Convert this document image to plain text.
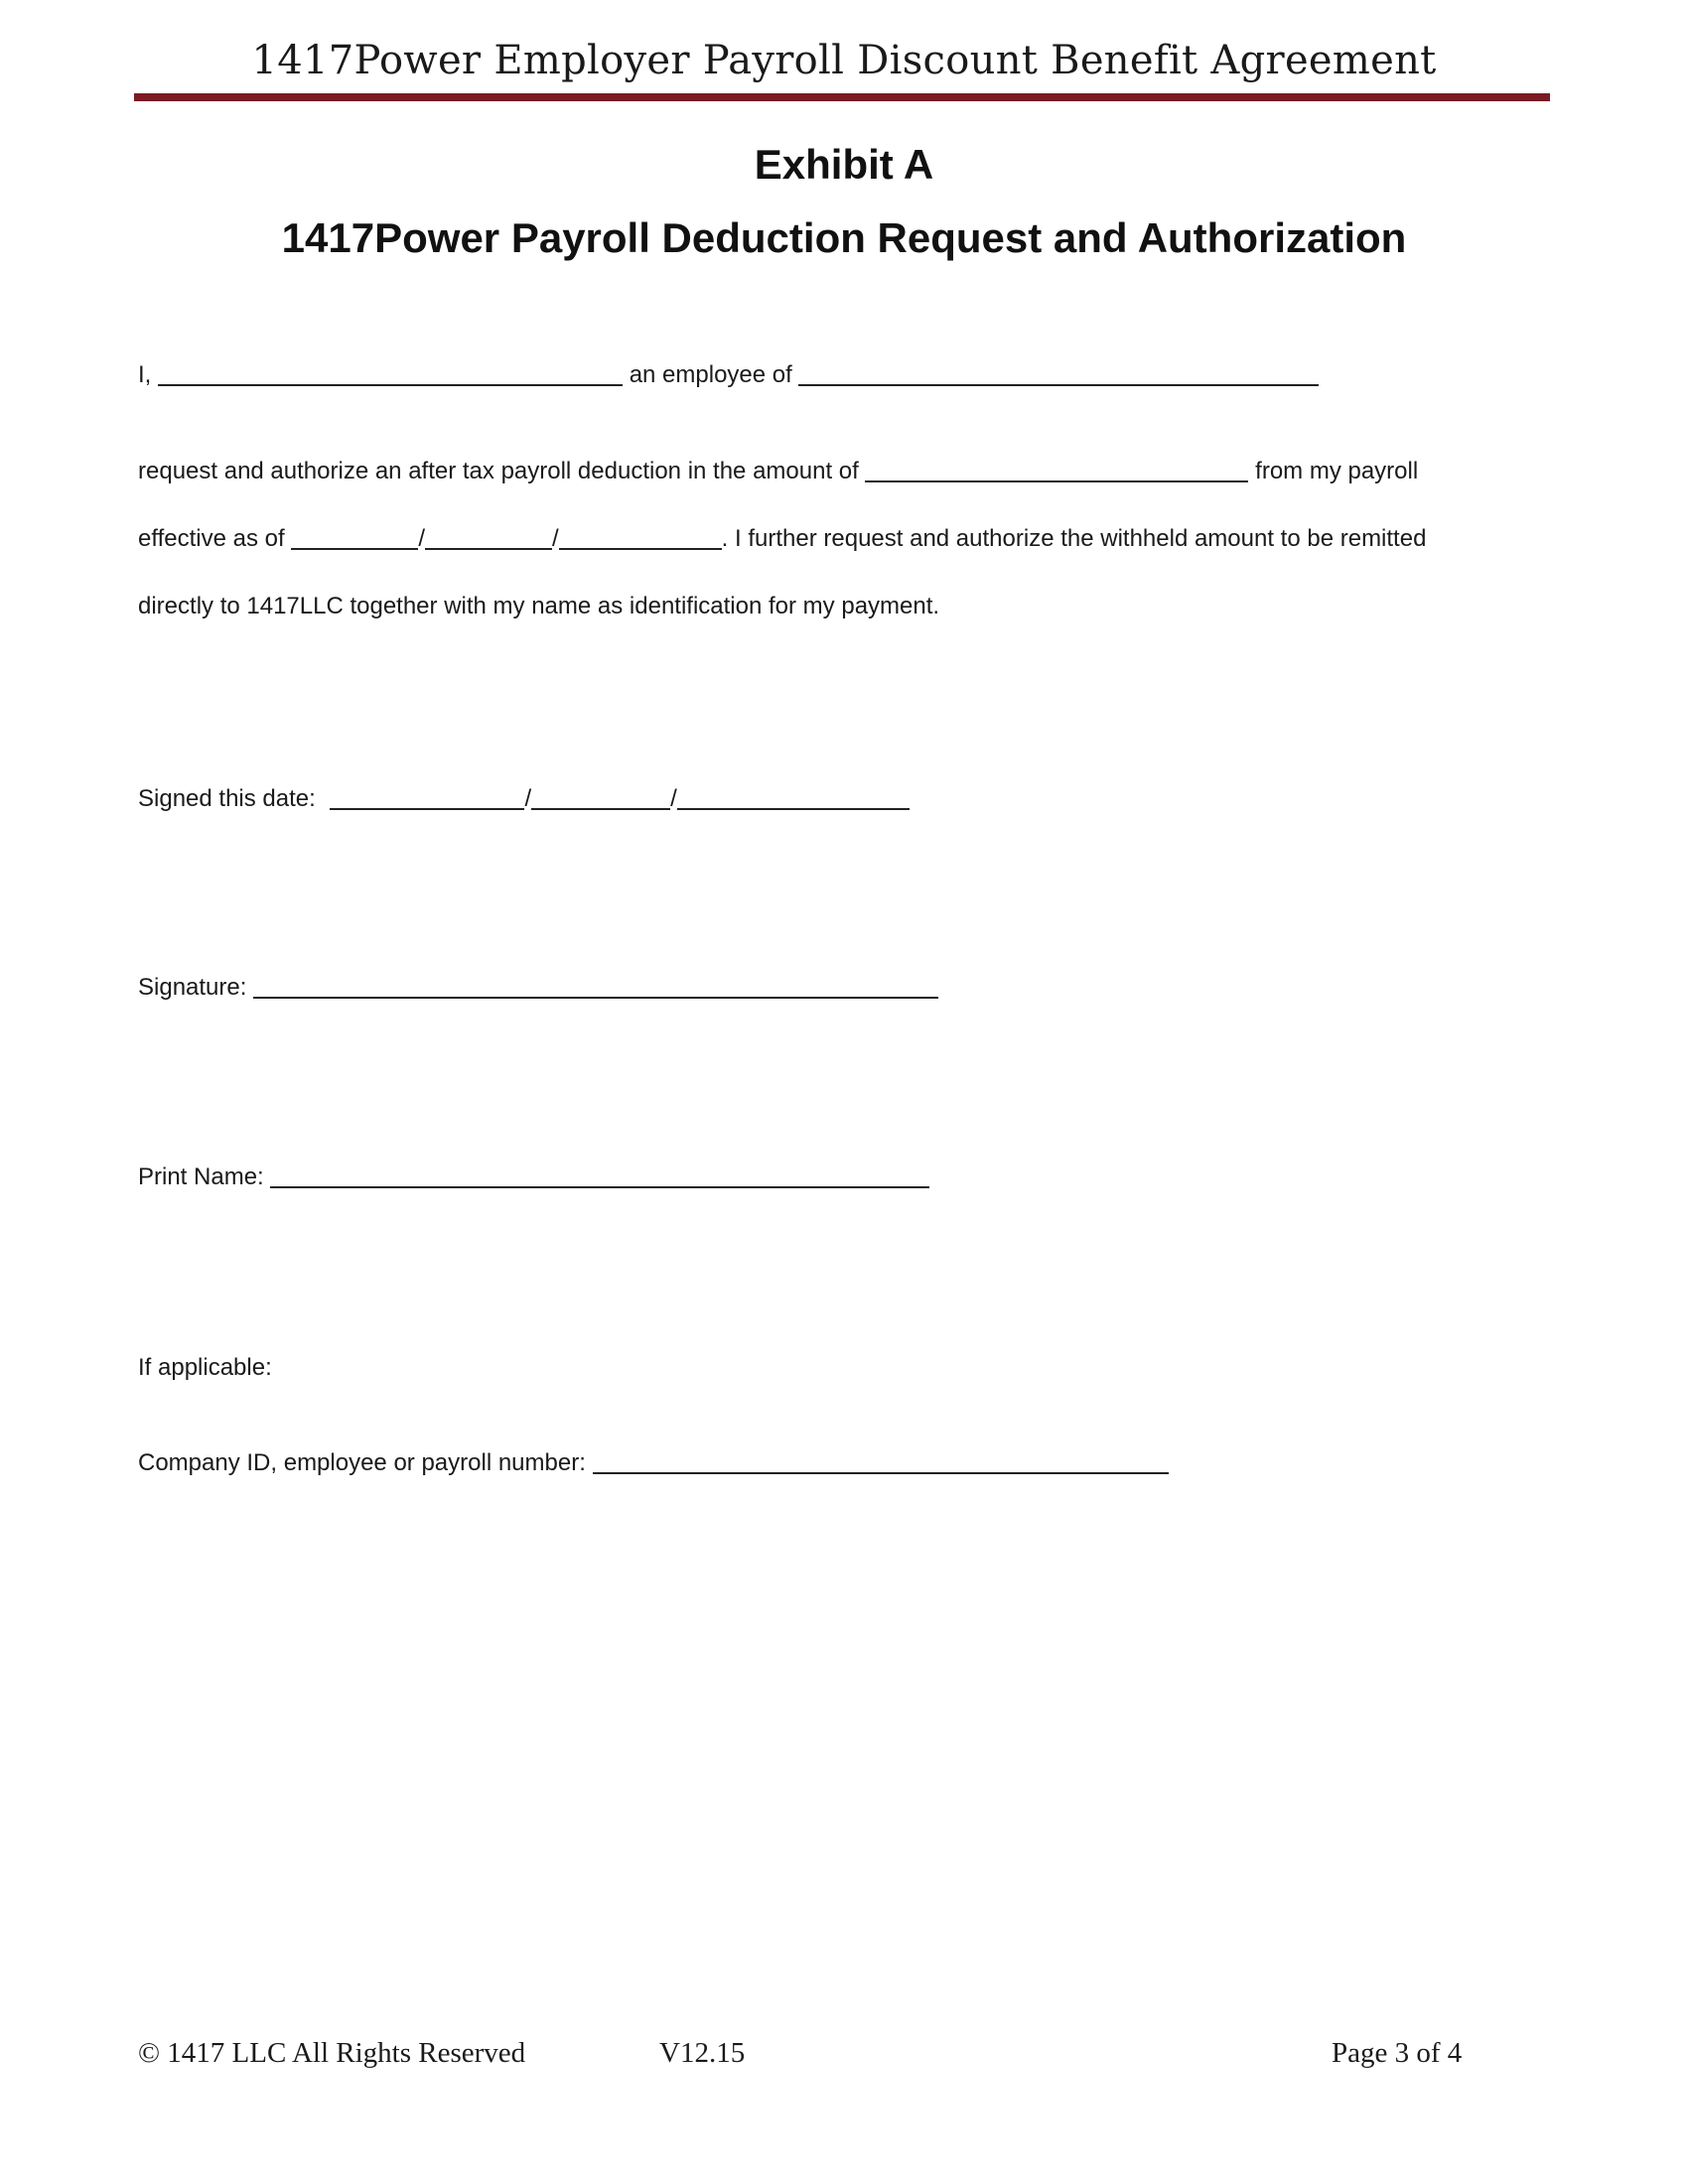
1417Power Employer Payroll Discount Benefit Agreement
Exhibit A
1417Power Payroll Deduction Request and Authorization
I,	an employee of
request and authorize an after tax payroll deduction in the amount of	from my payroll
effective as of	/	/	. I further request and authorize the withheld amount to be remitted
directly to 1417LLC together with my name as identification for my payment.
Signed this date:	/	/
Signature:
Print Name:
If applicable:
Company ID, employee or payroll number:
© 1417 LLC All Rights Reserved	V12.15	Page 3 of 4
